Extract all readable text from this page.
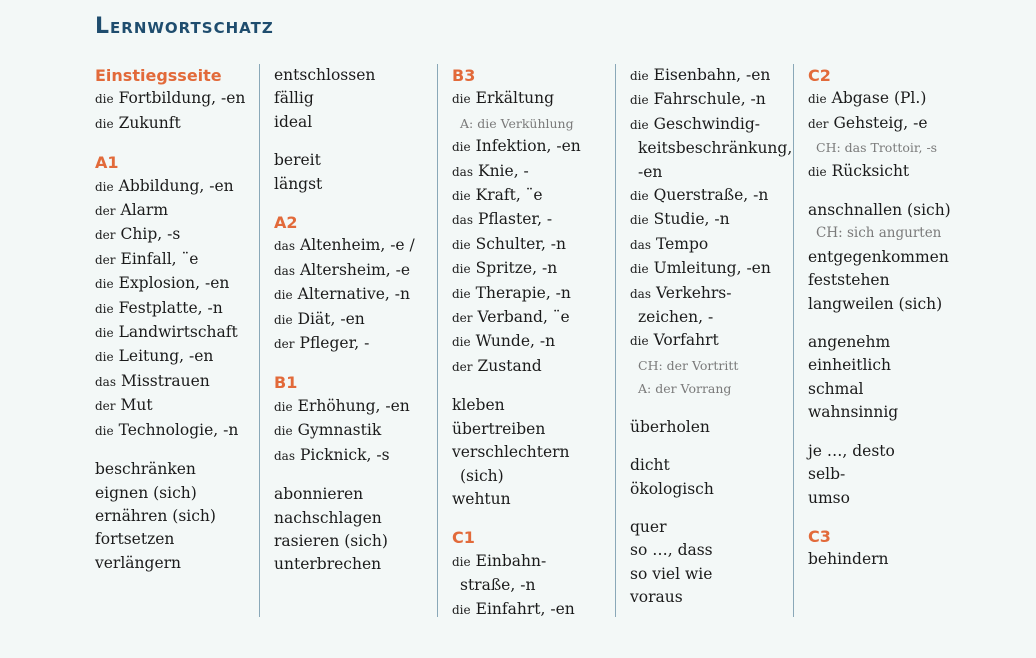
Lernwortschatz
Einstiegsseite
die Fortbildung, -en
die Zukunft
A1
die Abbildung, -en
der Alarm
der Chip, -s
der Einfall, ¨e
die Explosion, -en
die Festplatte, -n
die Landwirtschaft
die Leitung, -en
das Misstrauen
der Mut
die Technologie, -n
beschränken
eignen (sich)
ernähren (sich)
fortsetzen
verlängern
entschlossen
fällig
ideal
bereit
längst
A2
das Altenheim, -e /
das Altersheim, -e
die Alternative, -n
die Diät, -en
der Pfleger, -
B1
die Erhöhung, -en
die Gymnastik
das Picknick, -s
abonnieren
nachschlagen
rasieren (sich)
unterbrechen
B3
die Erkältung
A: die Verkühlung
die Infektion, -en
das Knie, -
die Kraft, ¨e
das Pflaster, -
die Schulter, -n
die Spritze, -n
die Therapie, -n
der Verband, ¨e
die Wunde, -n
der Zustand
kleben
übertreiben
verschlechtern
(sich)
wehtun
C1
die Einbahn-
straße, -n
die Einfahrt, -en
die Eisenbahn, -en
die Fahrschule, -n
die Geschwindig-
keitsbeschränkung,
-en
die Querstraße, -n
die Studie, -n
das Tempo
die Umleitung, -en
das Verkehrs-
zeichen, -
die Vorfahrt
CH: der Vortritt
A: der Vorrang
überholen
dicht
ökologisch
quer
so …, dass
so viel wie
voraus
C2
die Abgase (Pl.)
der Gehsteig, -e
CH: das Trottoir, -s
die Rücksicht
anschnallen (sich)
CH: sich angurten
entgegenkommen
feststehen
langweilen (sich)
angenehm
einheitlich
schmal
wahnsinnig
je …, desto
selb-
umso
C3
behindern
